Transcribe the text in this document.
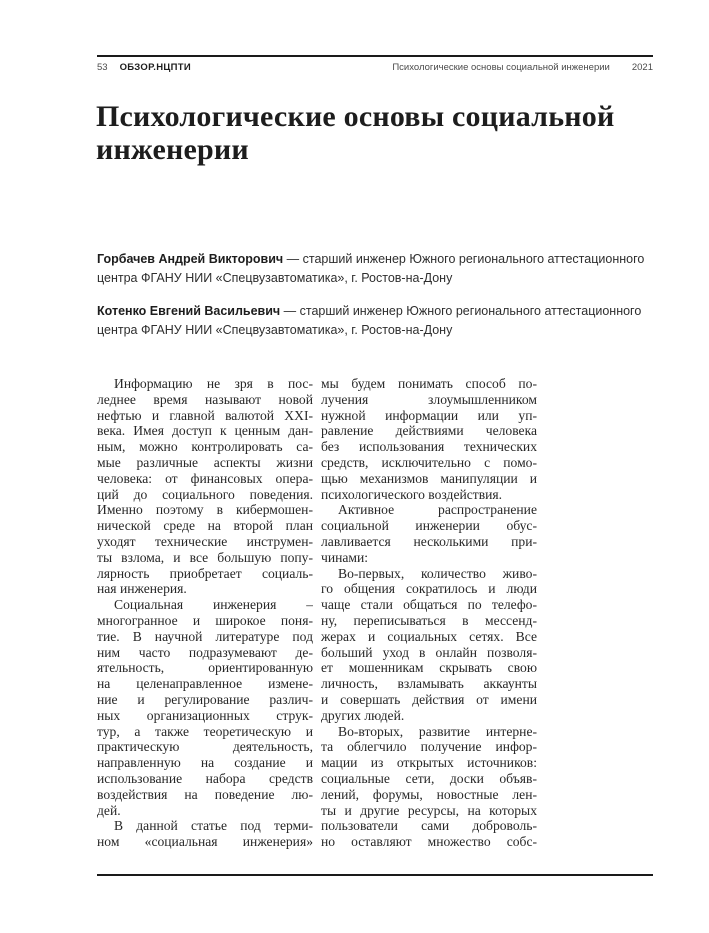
53 ОБЗОР.НЦПТИ	Психологические основы социальной инженерии 2021
Психологические основы социальной инженерии

Горбачев Андрей Викторович — старший инженер Южного регионального аттестационного центра ФГАНУ НИИ «Спецвузавтоматика», г. Ростов-на-Дону

Котенко Евгений Васильевич — старший инженер Южного регионального аттестационного центра ФГАНУ НИИ «Спецвузавтоматика», г. Ростов-на-Дону

Информацию не зря в пос-
леднее время называют новой
нефтью и главной валютой XXI-
века. Имея доступ к ценным дан-
ным, можно контролировать са-
мые различные аспекты жизни
человека: от финансовых опера-
ций до социального поведения.
Именно поэтому в кибермошен-
нической среде на второй план
уходят технические инструмен-
ты взлома, и все большую попу-
лярность приобретает социаль-
ная инженерия.
Социальная инженерия –
многогранное и широкое поня-
тие. В научной литературе под
ним часто подразумевают де-
ятельность, ориентированную
на целенаправленное измене-
ние и регулирование различ-
ных организационных струк-
тур, а также теоретическую и
практическую деятельность,
направленную на создание и
использование набора средств
воздействия на поведение лю-
дей.
В данной статье под терми-
ном «социальная инженерия»
мы будем понимать способ по-
лучения злоумышленником
нужной информации или уп-
равление действиями человека
без использования технических
средств, исключительно с помо-
щью механизмов манипуляции и
психологического воздействия.
Активное распространение
социальной инженерии обус-
лавливается несколькими при-
чинами:
Во-первых, количество живо-
го общения сократилось и люди
чаще стали общаться по телефо-
ну, переписываться в мессенд-
жерах и социальных сетях. Все
больший уход в онлайн позволя-
ет мошенникам скрывать свою
личность, взламывать аккаунты
и совершать действия от имени
других людей.
Во-вторых, развитие интерне-
та облегчило получение инфор-
мации из открытых источников:
социальные сети, доски объяв-
лений, форумы, новостные лен-
ты и другие ресурсы, на которых
пользователи сами доброволь-
но оставляют множество собс-
